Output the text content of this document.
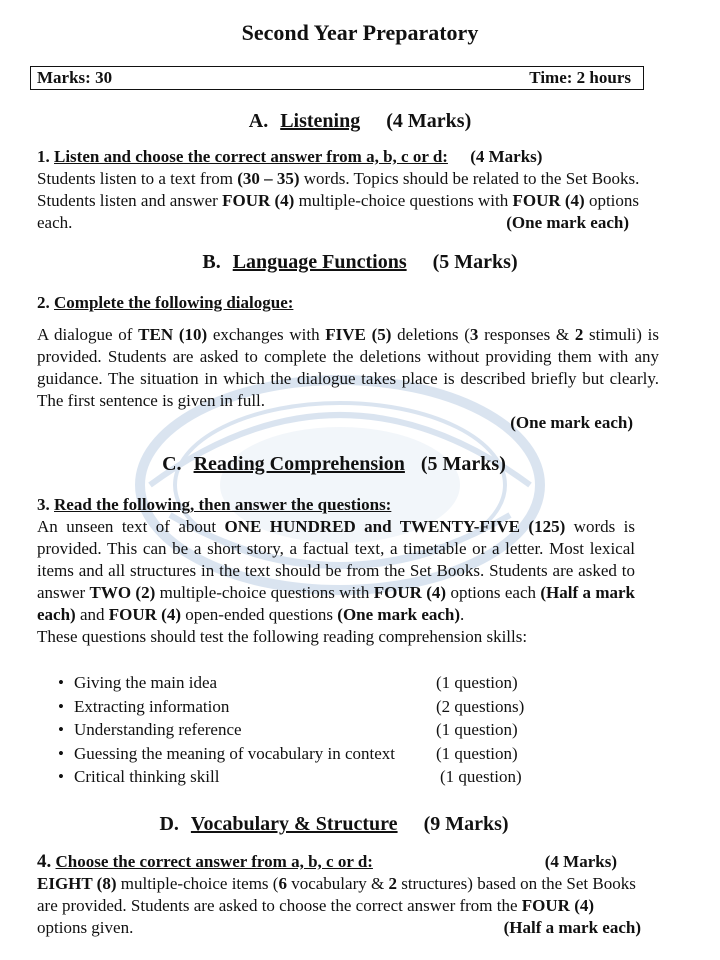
Second Year Preparatory
Marks: 30	Time: 2 hours
A. Listening (4 Marks)
1. Listen and choose the correct answer from a, b, c or d: (4 Marks)
Students listen to a text from (30 – 35) words. Topics should be related to the Set Books. Students listen and answer FOUR (4) multiple-choice questions with FOUR (4) options each.	(One mark each)
B. Language Functions (5 Marks)
2. Complete the following dialogue:
A dialogue of TEN (10) exchanges with FIVE (5) deletions (3 responses & 2 stimuli) is provided. Students are asked to complete the deletions without providing them with any guidance. The situation in which the dialogue takes place is described briefly but clearly. The first sentence is given in full.
(One mark each)
C. Reading Comprehension (5 Marks)
3. Read the following, then answer the questions:
An unseen text of about ONE HUNDRED and TWENTY-FIVE (125) words is provided. This can be a short story, a factual text, a timetable or a letter. Most lexical items and all structures in the text should be from the Set Books. Students are asked to answer TWO (2) multiple-choice questions with FOUR (4) options each (Half a mark each) and FOUR (4) open-ended questions (One mark each).
These questions should test the following reading comprehension skills:
• Giving the main idea	(1 question)
• Extracting information	(2 questions)
• Understanding reference	(1 question)
• Guessing the meaning of vocabulary in context	(1 question)
• Critical thinking skill	(1 question)
D. Vocabulary & Structure (9 Marks)
4. Choose the correct answer from a, b, c or d:	(4 Marks)
EIGHT (8) multiple-choice items (6 vocabulary & 2 structures) based on the Set Books are provided. Students are asked to choose the correct answer from the FOUR (4) options given.	(Half a mark each)
